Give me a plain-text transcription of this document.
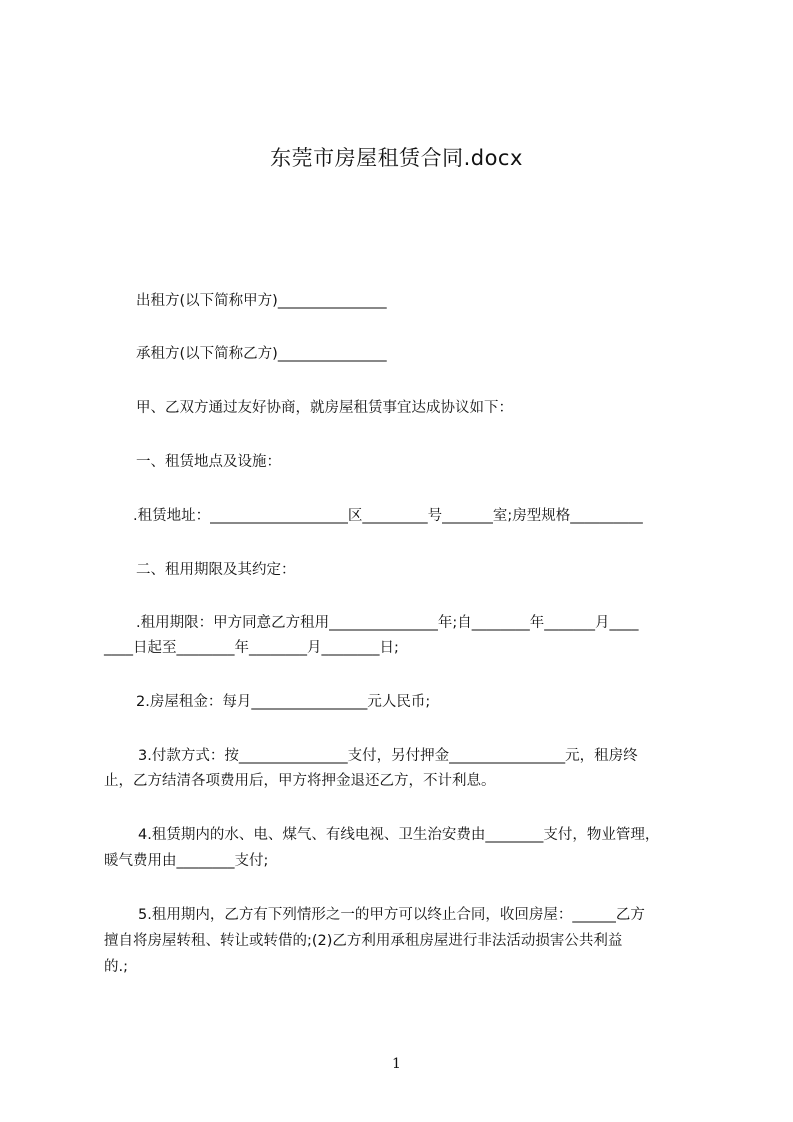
东莞市房屋租赁合同.docx
出租方(以下简称甲方)_______________
承租方(以下简称乙方)_______________
甲、乙双方通过友好协商，就房屋租赁事宜达成协议如下：
一、租赁地点及设施：
.租赁地址：___________________区_________号_______室;房型规格__________
二、租用期限及其约定：
.租用期限：甲方同意乙方租用_______________年;自________年_______月____
____日起至________年________月________日;
2.房屋租金：每月________________元人民币;
3.付款方式：按_______________支付，另付押金________________元，租房终
止，乙方结清各项费用后，甲方将押金退还乙方，不计利息。
4.租赁期内的水、电、煤气、有线电视、卫生治安费由________支付，物业管理，
暖气费用由________支付;
5.租用期内，乙方有下列情形之一的甲方可以终止合同，收回房屋：______乙方
擅自将房屋转租、转让或转借的;(2)乙方利用承租房屋进行非法活动损害公共利益
的.;
1
